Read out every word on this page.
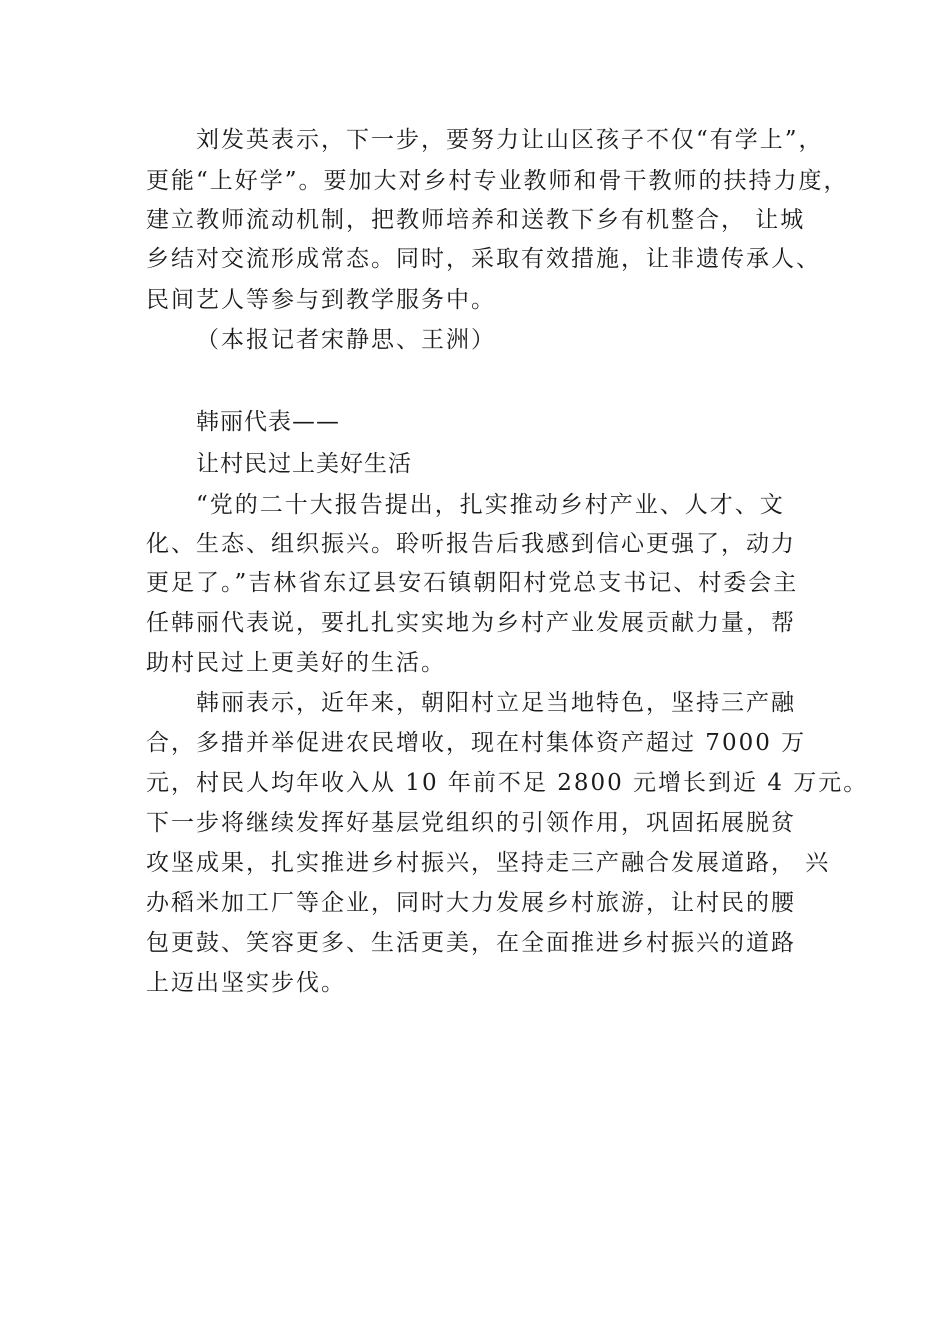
刘发英表示，下一步，要努力让山区孩子不仅“有学上”，
更能“上好学”。要加大对乡村专业教师和骨干教师的扶持力度，
建立教师流动机制，把教师培养和送教下乡有机整合， 让城
乡结对交流形成常态。同时，采取有效措施，让非遗传承人、
民间艺人等参与到教学服务中。
（本报记者宋静思、王洲）
韩丽代表——
让村民过上美好生活
“党的二十大报告提出，扎实推动乡村产业、人才、文
化、生态、组织振兴。聆听报告后我感到信心更强了，动力
更足了。”吉林省东辽县安石镇朝阳村党总支书记、村委会主
任韩丽代表说，要扎扎实实地为乡村产业发展贡献力量，帮
助村民过上更美好的生活。
韩丽表示，近年来，朝阳村立足当地特色，坚持三产融
合，多措并举促进农民增收，现在村集体资产超过 7000 万
元，村民人均年收入从 10 年前不足 2800 元增长到近 4 万元。
下一步将继续发挥好基层党组织的引领作用，巩固拓展脱贫
攻坚成果，扎实推进乡村振兴，坚持走三产融合发展道路， 兴
办稻米加工厂等企业，同时大力发展乡村旅游，让村民的腰
包更鼓、笑容更多、生活更美，在全面推进乡村振兴的道路
上迈出坚实步伐。
